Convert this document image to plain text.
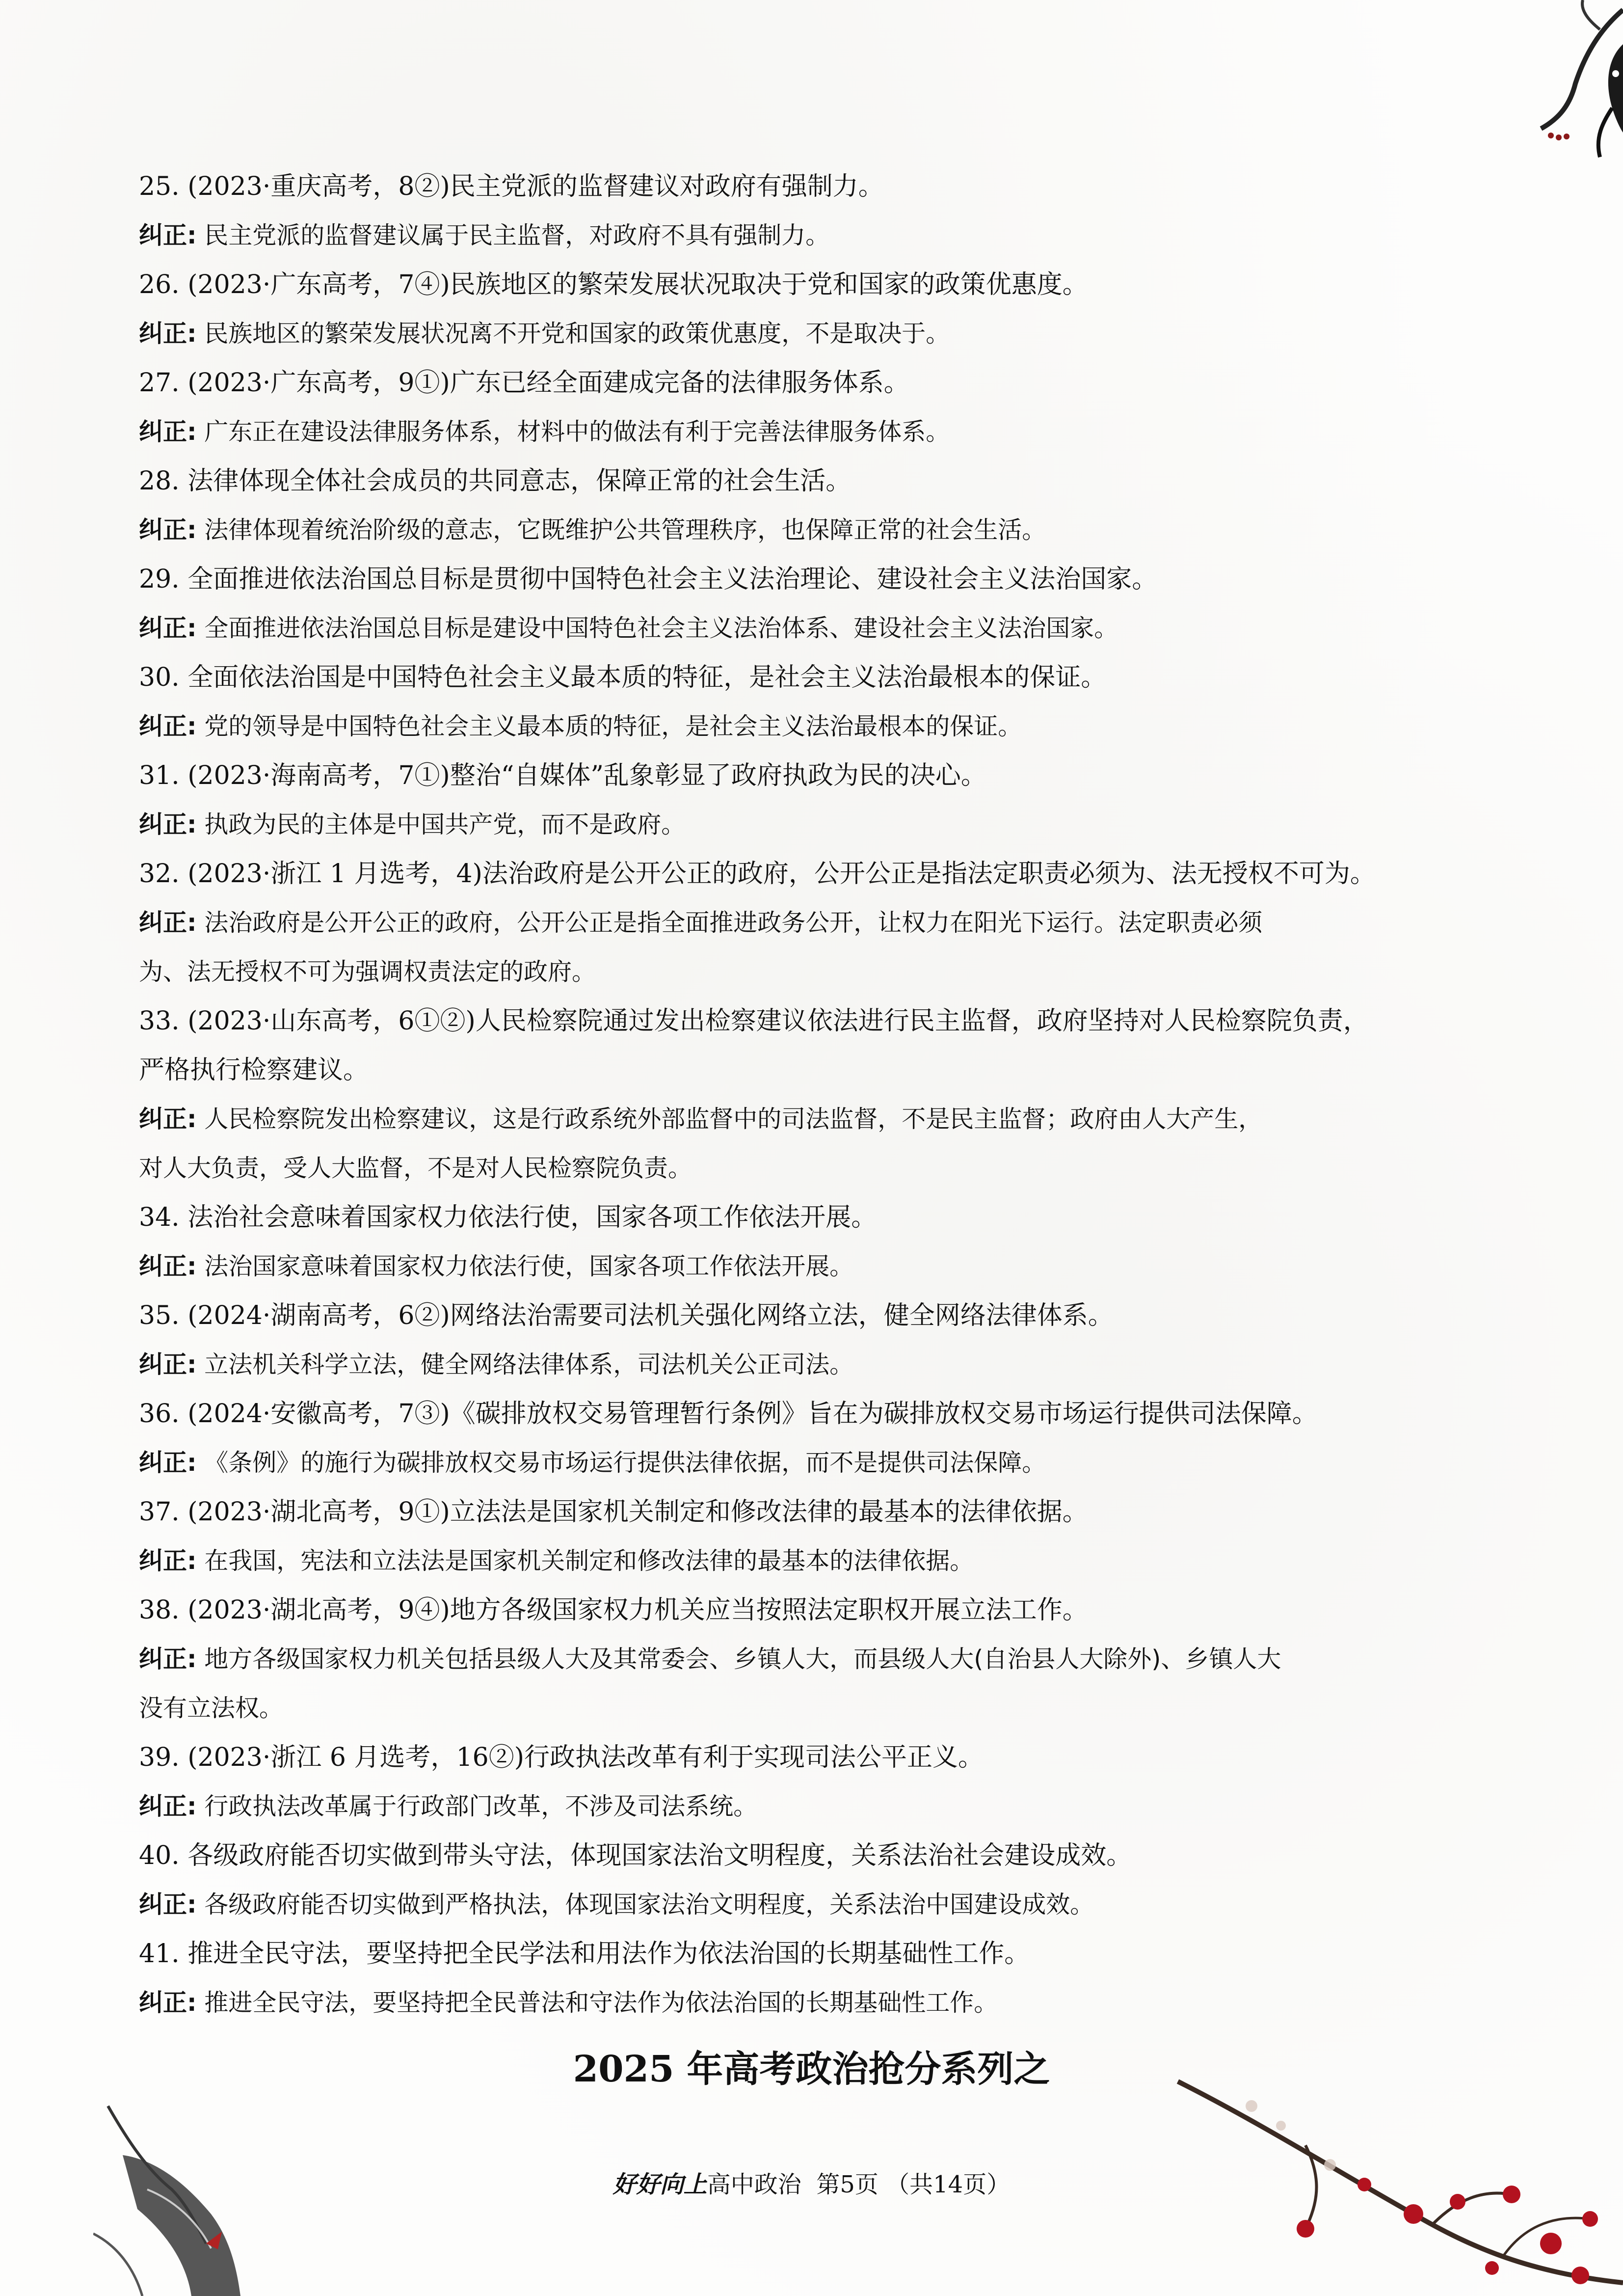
25. (2023·重庆高考，8②)民主党派的监督建议对政府有强制力。
纠正: 民主党派的监督建议属于民主监督，对政府不具有强制力。
26. (2023·广东高考，7④)民族地区的繁荣发展状况取决于党和国家的政策优惠度。
纠正: 民族地区的繁荣发展状况离不开党和国家的政策优惠度，不是取决于。
27. (2023·广东高考，9①)广东已经全面建成完备的法律服务体系。
纠正: 广东正在建设法律服务体系，材料中的做法有利于完善法律服务体系。
28. 法律体现全体社会成员的共同意志，保障正常的社会生活。
纠正: 法律体现着统治阶级的意志，它既维护公共管理秩序，也保障正常的社会生活。
29. 全面推进依法治国总目标是贯彻中国特色社会主义法治理论、建设社会主义法治国家。
纠正: 全面推进依法治国总目标是建设中国特色社会主义法治体系、建设社会主义法治国家。
30. 全面依法治国是中国特色社会主义最本质的特征，是社会主义法治最根本的保证。
纠正: 党的领导是中国特色社会主义最本质的特征，是社会主义法治最根本的保证。
31. (2023·海南高考，7①)整治“自媒体”乱象彰显了政府执政为民的决心。
纠正: 执政为民的主体是中国共产党，而不是政府。
32. (2023·浙江 1 月选考，4)法治政府是公开公正的政府，公开公正是指法定职责必须为、法无授权不可为。
纠正: 法治政府是公开公正的政府，公开公正是指全面推进政务公开，让权力在阳光下运行。法定职责必须
为、法无授权不可为强调权责法定的政府。
33. (2023·山东高考，6①②)人民检察院通过发出检察建议依法进行民主监督，政府坚持对人民检察院负责，
严格执行检察建议。
纠正: 人民检察院发出检察建议，这是行政系统外部监督中的司法监督，不是民主监督；政府由人大产生，
对人大负责，受人大监督，不是对人民检察院负责。
34. 法治社会意味着国家权力依法行使，国家各项工作依法开展。
纠正: 法治国家意味着国家权力依法行使，国家各项工作依法开展。
35. (2024·湖南高考，6②)网络法治需要司法机关强化网络立法，健全网络法律体系。
纠正: 立法机关科学立法，健全网络法律体系，司法机关公正司法。
36. (2024·安徽高考，7③)《碳排放权交易管理暂行条例》旨在为碳排放权交易市场运行提供司法保障。
纠正: 《条例》的施行为碳排放权交易市场运行提供法律依据，而不是提供司法保障。
37. (2023·湖北高考，9①)立法法是国家机关制定和修改法律的最基本的法律依据。
纠正: 在我国，宪法和立法法是国家机关制定和修改法律的最基本的法律依据。
38. (2023·湖北高考，9④)地方各级国家权力机关应当按照法定职权开展立法工作。
纠正: 地方各级国家权力机关包括县级人大及其常委会、乡镇人大，而县级人大(自治县人大除外)、乡镇人大
没有立法权。
39. (2023·浙江 6 月选考，16②)行政执法改革有利于实现司法公平正义。
纠正: 行政执法改革属于行政部门改革，不涉及司法系统。
40. 各级政府能否切实做到带头守法，体现国家法治文明程度，关系法治社会建设成效。
纠正: 各级政府能否切实做到严格执法，体现国家法治文明程度，关系法治中国建设成效。
41. 推进全民守法，要坚持把全民学法和用法作为依法治国的长期基础性工作。
纠正: 推进全民守法，要坚持把全民普法和守法作为依法治国的长期基础性工作。
2025 年高考政治抢分系列之
好好向上高中政治 第5页 （共14页）
